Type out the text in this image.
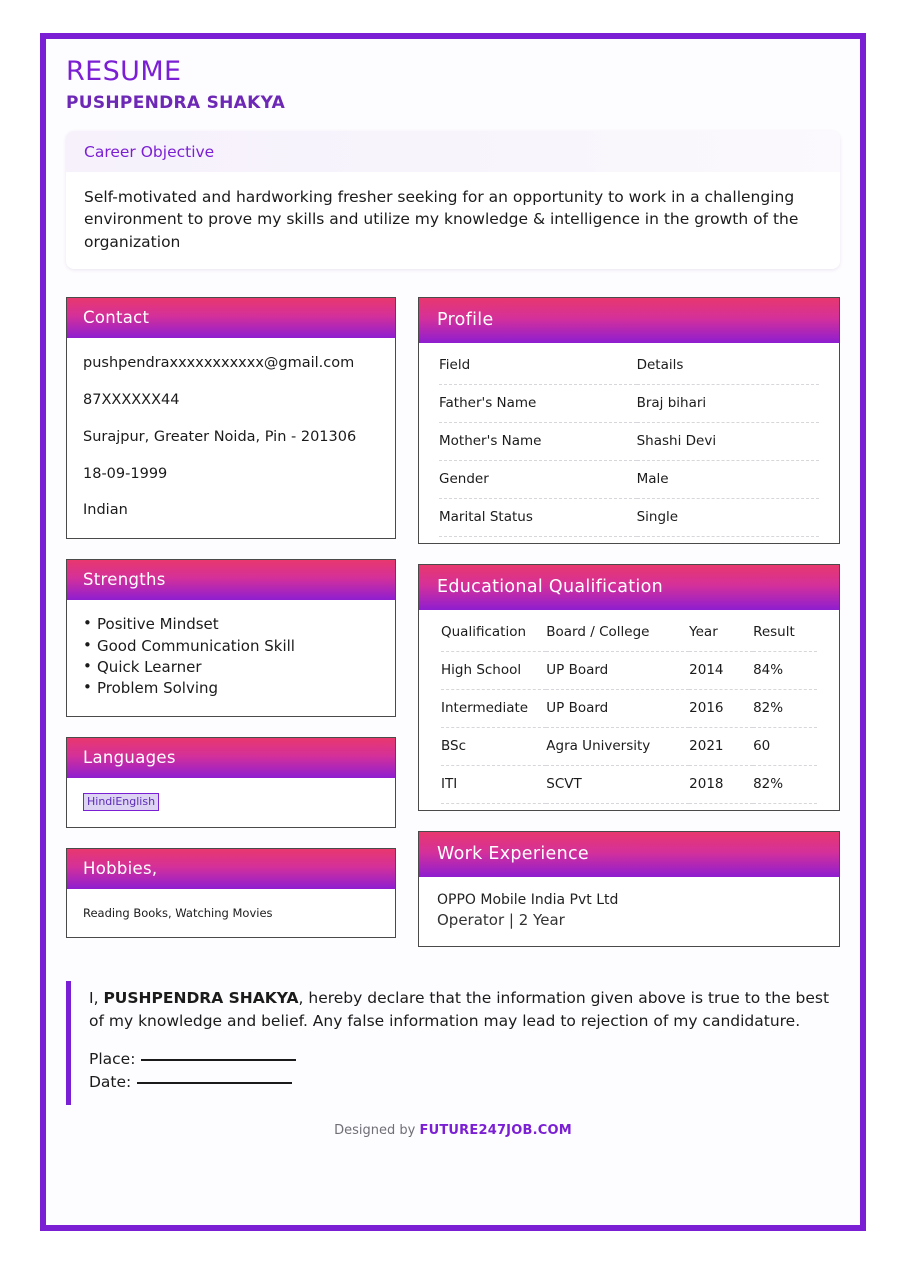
RESUME
PUSHPENDRA SHAKYA
Career Objective
Self-motivated and hardworking fresher seeking for an opportunity to work in a challenging environment to prove my skills and utilize my knowledge & intelligence in the growth of the organization
Contact
pushpendraxxxxxxxxxxx@gmail.com
87XXXXXX44
Surajpur, Greater Noida, Pin - 201306
18-09-1999
Indian
Strengths
• Positive Mindset
• Good Communication Skill
• Quick Learner
• Problem Solving
Languages
HindiEnglish
Hobbies,
Reading Books, Watching Movies
Profile
Field	Details
Father's Name	Braj bihari
Mother's Name	Shashi Devi
Gender	Male
Marital Status	Single
Educational Qualification
Qualification	Board / College	Year	Result
High School	UP Board	2014	84%
Intermediate	UP Board	2016	82%
BSc	Agra University	2021	60
ITI	SCVT	2018	82%
Work Experience
OPPO Mobile India Pvt Ltd
Operator | 2 Year

I, PUSHPENDRA SHAKYA, hereby declare that the information given above is true to the best of my knowledge and belief. Any false information may lead to rejection of my candidature.

Place:
Date:
Designed by FUTURE247JOB.COM
